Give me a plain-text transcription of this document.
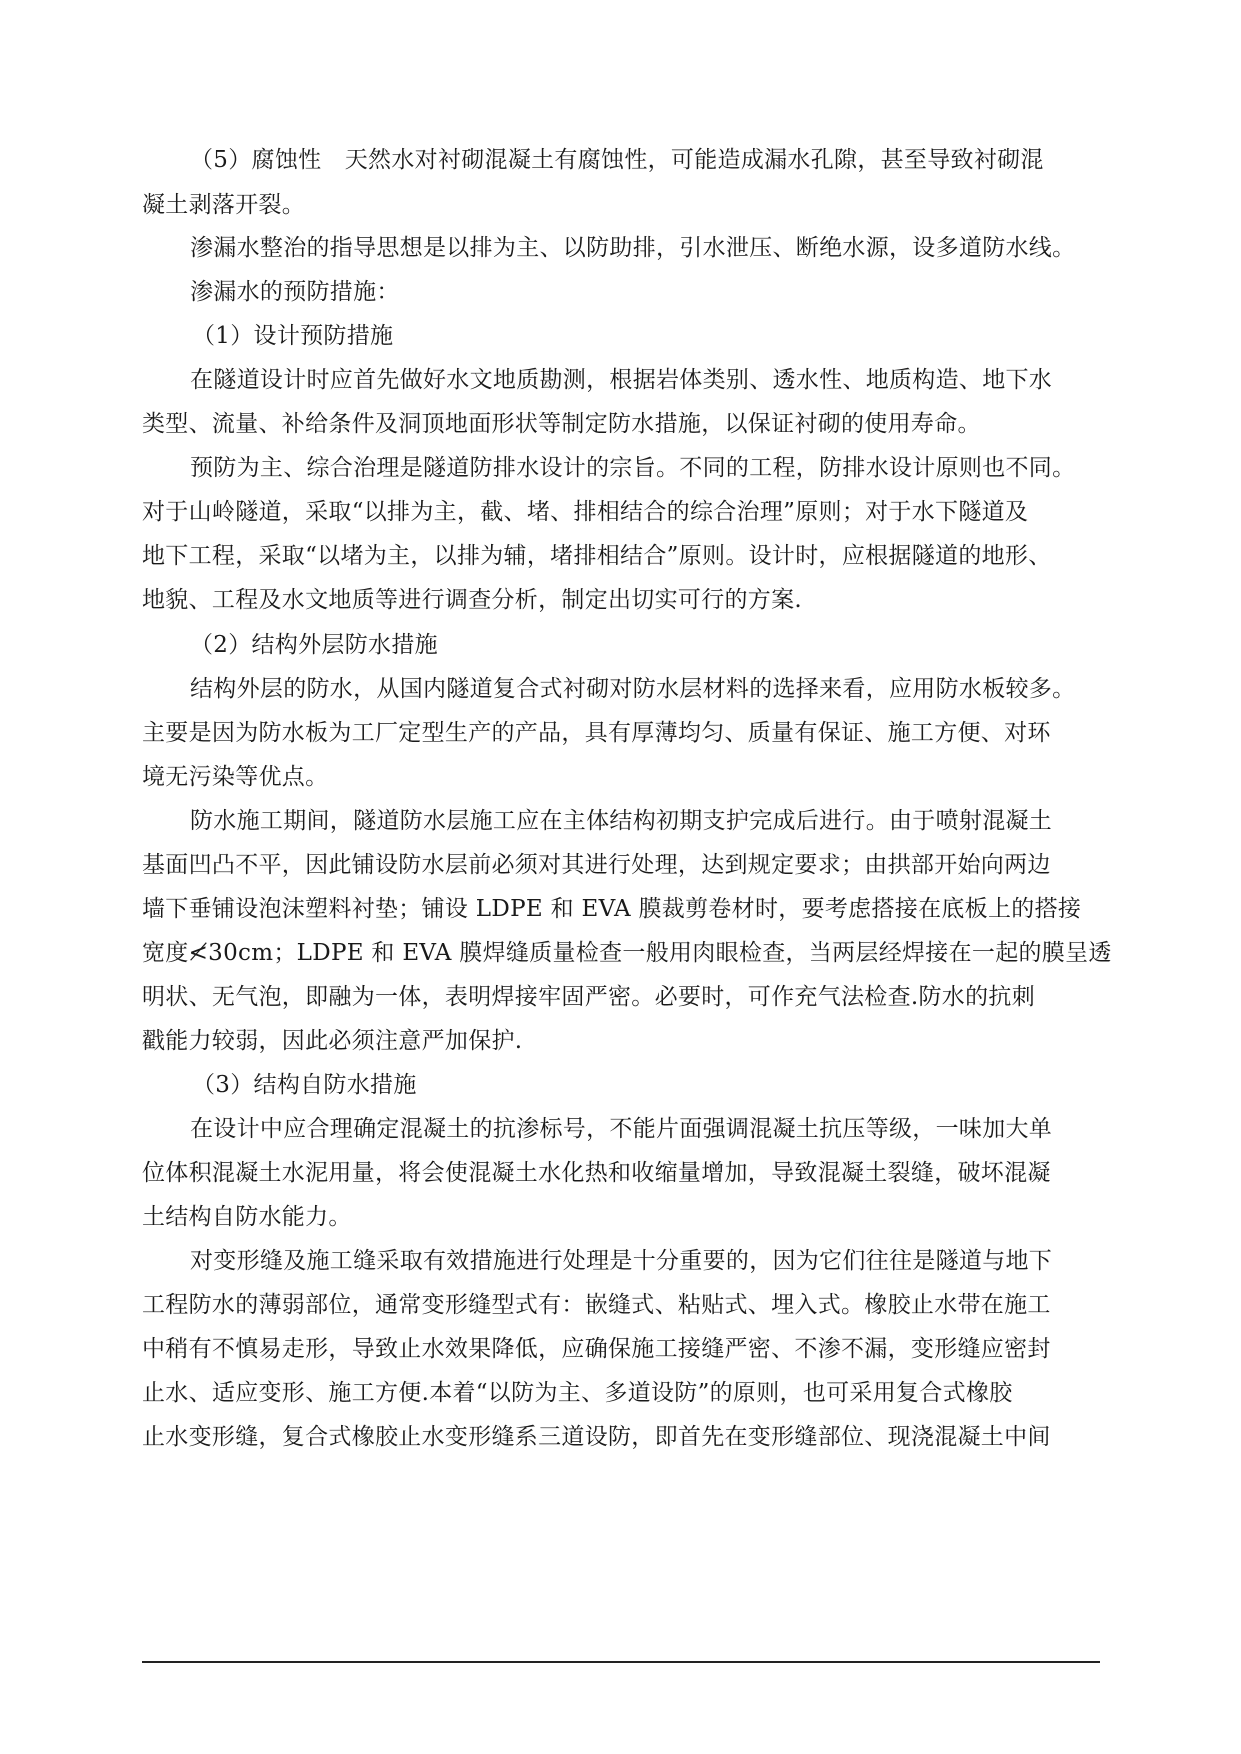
（5）腐蚀性　天然水对衬砌混凝土有腐蚀性，可能造成漏水孔隙，甚至导致衬砌混
凝土剥落开裂。
渗漏水整治的指导思想是以排为主、以防助排，引水泄压、断绝水源，设多道防水线。
渗漏水的预防措施：
（1）设计预防措施
在隧道设计时应首先做好水文地质勘测，根据岩体类别、透水性、地质构造、地下水
类型、流量、补给条件及洞顶地面形状等制定防水措施，以保证衬砌的使用寿命。
预防为主、综合治理是隧道防排水设计的宗旨。不同的工程，防排水设计原则也不同。
对于山岭隧道，采取“以排为主，截、堵、排相结合的综合治理”原则；对于水下隧道及
地下工程，采取“以堵为主，以排为辅，堵排相结合”原则。设计时，应根据隧道的地形、
地貌、工程及水文地质等进行调查分析，制定出切实可行的方案.
（2）结构外层防水措施
结构外层的防水，从国内隧道复合式衬砌对防水层材料的选择来看，应用防水板较多。
主要是因为防水板为工厂定型生产的产品，具有厚薄均匀、质量有保证、施工方便、对环
境无污染等优点。
防水施工期间，隧道防水层施工应在主体结构初期支护完成后进行。由于喷射混凝土
基面凹凸不平，因此铺设防水层前必须对其进行处理，达到规定要求；由拱部开始向两边
墙下垂铺设泡沫塑料衬垫；铺设 LDPE 和 EVA 膜裁剪卷材时，要考虑搭接在底板上的搭接
宽度≮30cm；LDPE 和 EVA 膜焊缝质量检查一般用肉眼检查，当两层经焊接在一起的膜呈透
明状、无气泡，即融为一体，表明焊接牢固严密。必要时，可作充气法检查.防水的抗刺
戳能力较弱，因此必须注意严加保护.
（3）结构自防水措施
在设计中应合理确定混凝土的抗渗标号，不能片面强调混凝土抗压等级，一味加大单
位体积混凝土水泥用量，将会使混凝土水化热和收缩量增加，导致混凝土裂缝，破坏混凝
土结构自防水能力。
对变形缝及施工缝采取有效措施进行处理是十分重要的，因为它们往往是隧道与地下
工程防水的薄弱部位，通常变形缝型式有：嵌缝式、粘贴式、埋入式。橡胶止水带在施工
中稍有不慎易走形，导致止水效果降低，应确保施工接缝严密、不渗不漏，变形缝应密封
止水、适应变形、施工方便.本着“以防为主、多道设防”的原则，也可采用复合式橡胶
止水变形缝，复合式橡胶止水变形缝系三道设防，即首先在变形缝部位、现浇混凝土中间
